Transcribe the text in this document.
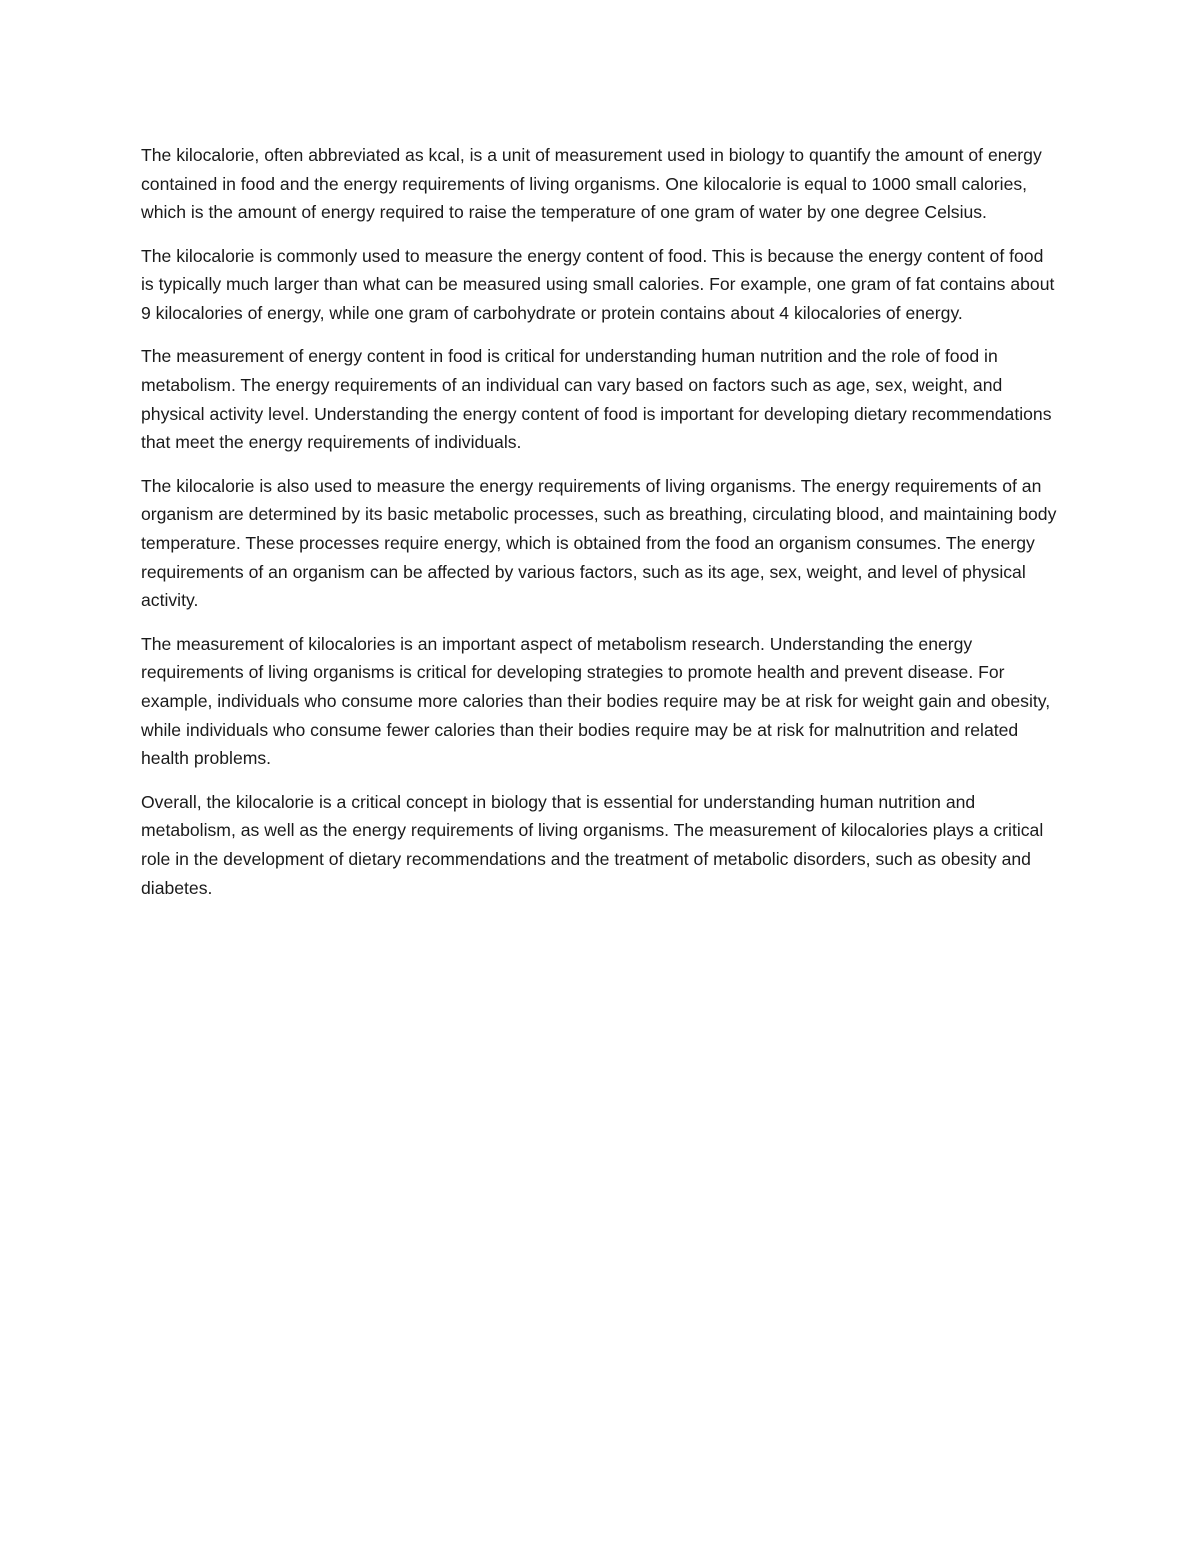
The kilocalorie, often abbreviated as kcal, is a unit of measurement used in biology to quantify the amount of energy contained in food and the energy requirements of living organisms. One kilocalorie is equal to 1000 small calories, which is the amount of energy required to raise the temperature of one gram of water by one degree Celsius.

The kilocalorie is commonly used to measure the energy content of food. This is because the energy content of food is typically much larger than what can be measured using small calories. For example, one gram of fat contains about 9 kilocalories of energy, while one gram of carbohydrate or protein contains about 4 kilocalories of energy.

The measurement of energy content in food is critical for understanding human nutrition and the role of food in metabolism. The energy requirements of an individual can vary based on factors such as age, sex, weight, and physical activity level. Understanding the energy content of food is important for developing dietary recommendations that meet the energy requirements of individuals.

The kilocalorie is also used to measure the energy requirements of living organisms. The energy requirements of an organism are determined by its basic metabolic processes, such as breathing, circulating blood, and maintaining body temperature. These processes require energy, which is obtained from the food an organism consumes. The energy requirements of an organism can be affected by various factors, such as its age, sex, weight, and level of physical activity.

The measurement of kilocalories is an important aspect of metabolism research. Understanding the energy requirements of living organisms is critical for developing strategies to promote health and prevent disease. For example, individuals who consume more calories than their bodies require may be at risk for weight gain and obesity, while individuals who consume fewer calories than their bodies require may be at risk for malnutrition and related health problems.

Overall, the kilocalorie is a critical concept in biology that is essential for understanding human nutrition and metabolism, as well as the energy requirements of living organisms. The measurement of kilocalories plays a critical role in the development of dietary recommendations and the treatment of metabolic disorders, such as obesity and diabetes.
